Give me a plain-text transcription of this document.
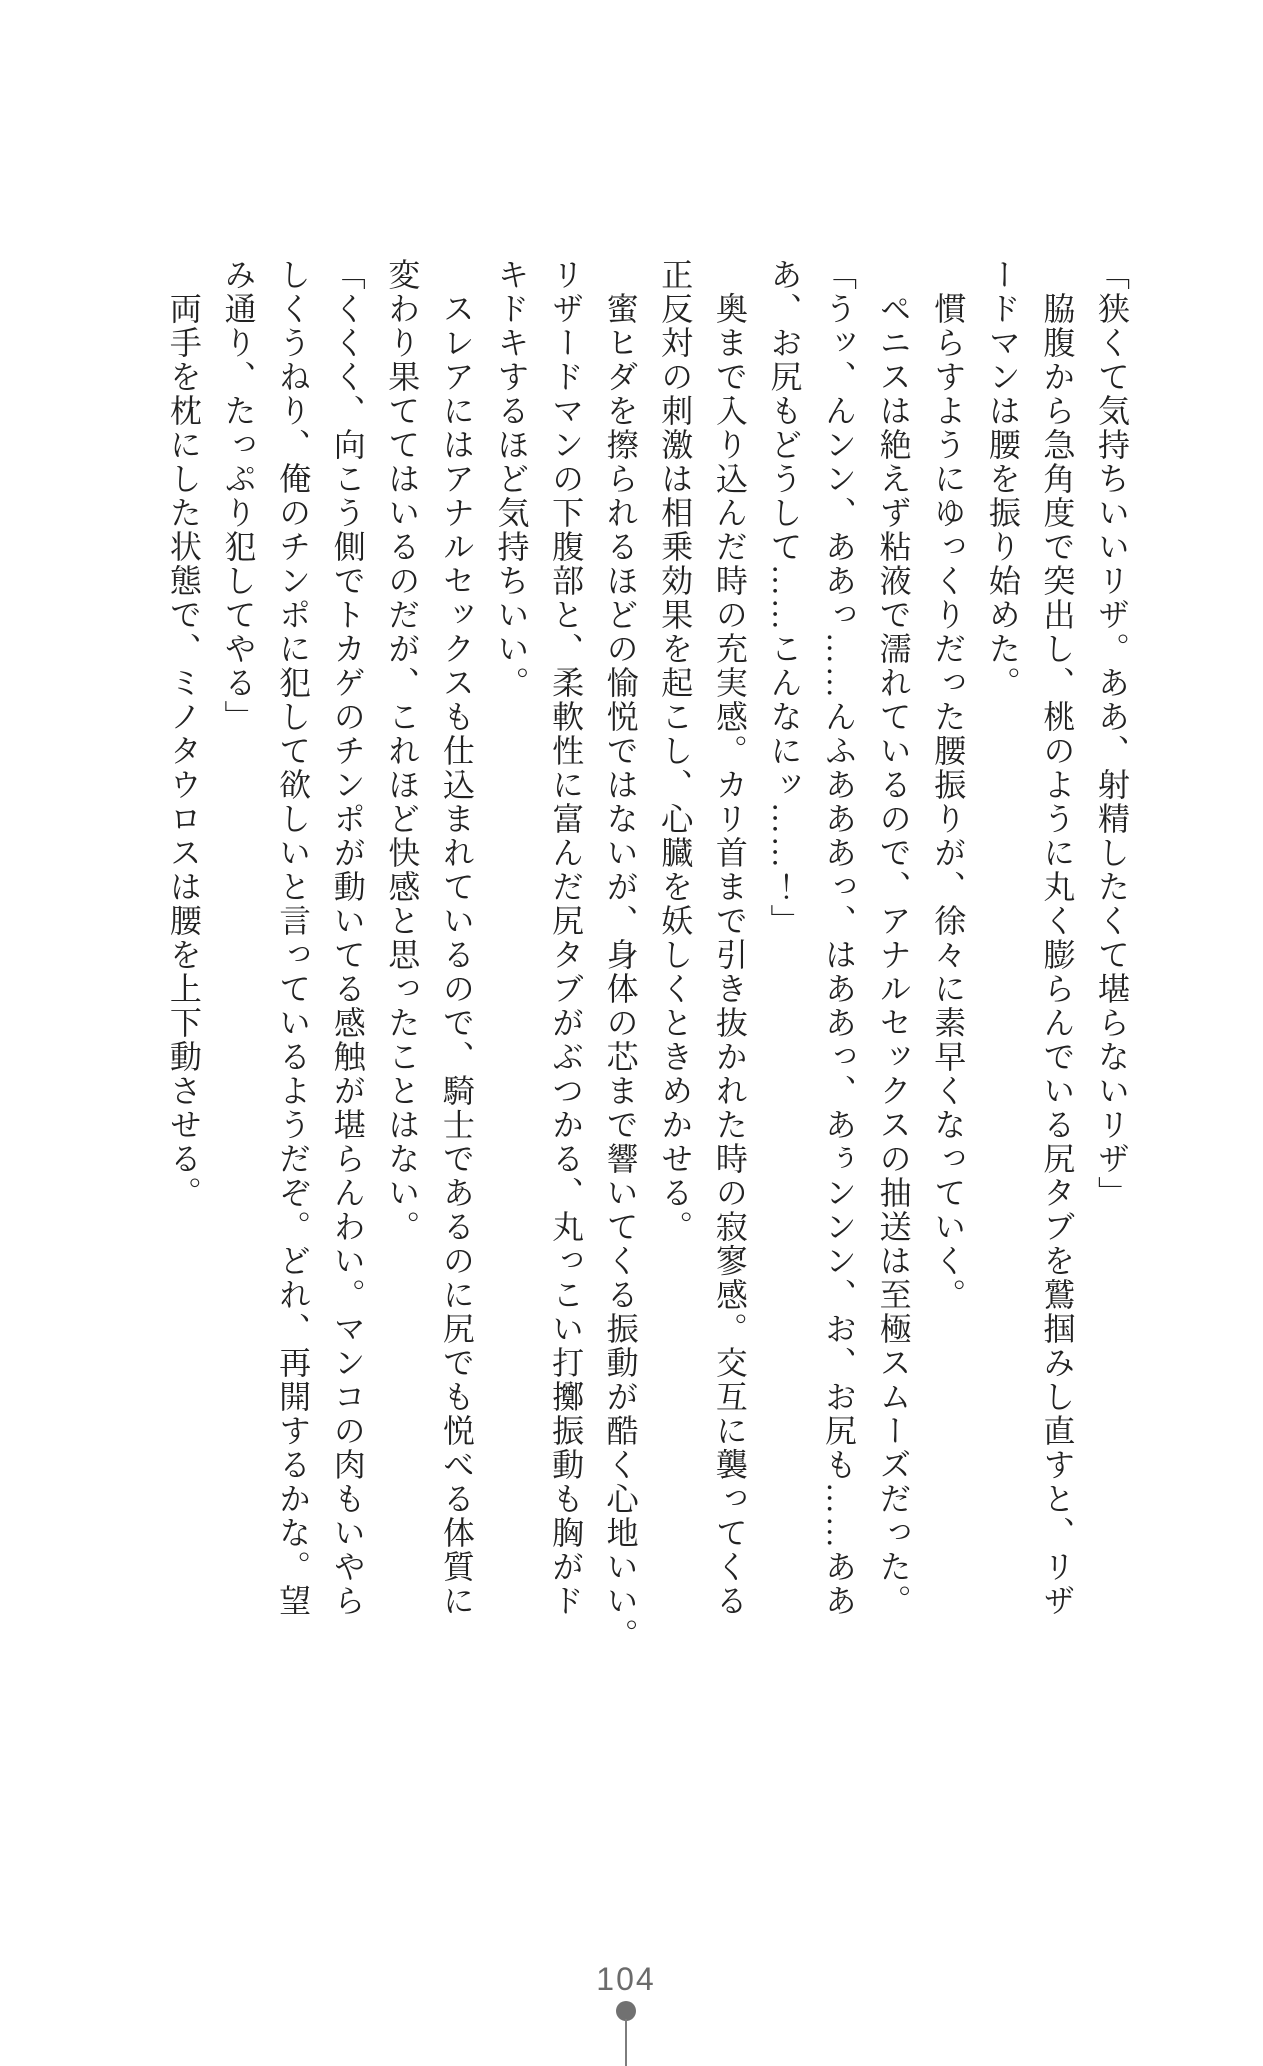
「狭くて気持ちいいリザ。ああ、射精したくて堪らないリザ」
脇腹から急角度で突出し、桃のように丸く膨らんでいる尻タブを鷲掴みし直すと、リザ
ードマンは腰を振り始めた。
慣らすようにゆっくりだった腰振りが、徐々に素早くなっていく。
ペニスは絶えず粘液で濡れているので、アナルセックスの抽送は至極スムーズだった。
「うッ、んンン、ああっ……んふあああっ、はああっ、あぅンンン、お、お尻も……ああ
あ、お尻もどうして……こんなにッ……！」
奥まで入り込んだ時の充実感。カリ首まで引き抜かれた時の寂寥感。交互に襲ってくる
正反対の刺激は相乗効果を起こし、心臓を妖しくときめかせる。
蜜ヒダを擦られるほどの愉悦ではないが、身体の芯まで響いてくる振動が酷く心地いい。
リザードマンの下腹部と、柔軟性に富んだ尻タブがぶつかる、丸っこい打擲振動も胸がド
キドキするほど気持ちいい。
スレアにはアナルセックスも仕込まれているので、騎士であるのに尻でも悦べる体質に
変わり果ててはいるのだが、これほど快感と思ったことはない。
「くくく、向こう側でトカゲのチンポが動いてる感触が堪らんわい。マンコの肉もいやら
しくうねり、俺のチンポに犯して欲しいと言っているようだぞ。どれ、再開するかな。望
み通り、たっぷり犯してやる」
両手を枕にした状態で、ミノタウロスは腰を上下動させる。
104
